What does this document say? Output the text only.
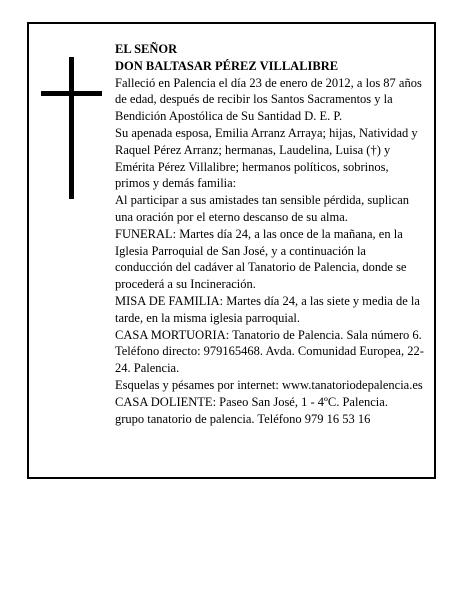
EL SEÑOR

DON BALTASAR PÉREZ VILLALIBRE

Falleció en Palencia el día 23 de enero de 2012, a los 87 años de edad, después de recibir los Santos Sacramentos y la Bendición Apostólica de Su Santidad D. E. P.

Su apenada esposa, Emilia Arranz Arraya; hijas, Natividad y Raquel Pérez Arranz; hermanas, Laudelina, Luisa (†) y Emérita Pérez Villalibre; hermanos políticos, sobrinos, primos y demás familia:

Al participar a sus amistades tan sensible pérdida, suplican una oración por el eterno descanso de su alma.

FUNERAL: Martes día 24, a las once de la mañana, en la Iglesia Parroquial de San José, y a continuación la conducción del cadáver al Tanatorio de Palencia, donde se procederá a su Incineración.

MISA DE FAMILIA: Martes día 24, a las siete y media de la tarde, en la misma iglesia parroquial.

CASA MORTUORIA: Tanatorio de Palencia. Sala número 6. Teléfono directo: 979165468. Avda. Comunidad Europea, 22-24. Palencia.

Esquelas y pésames por internet: www.tanatoriodepalencia.es

CASA DOLIENTE: Paseo San José, 1 - 4ºC. Palencia.

grupo tanatorio de palencia. Teléfono 979 16 53 16
